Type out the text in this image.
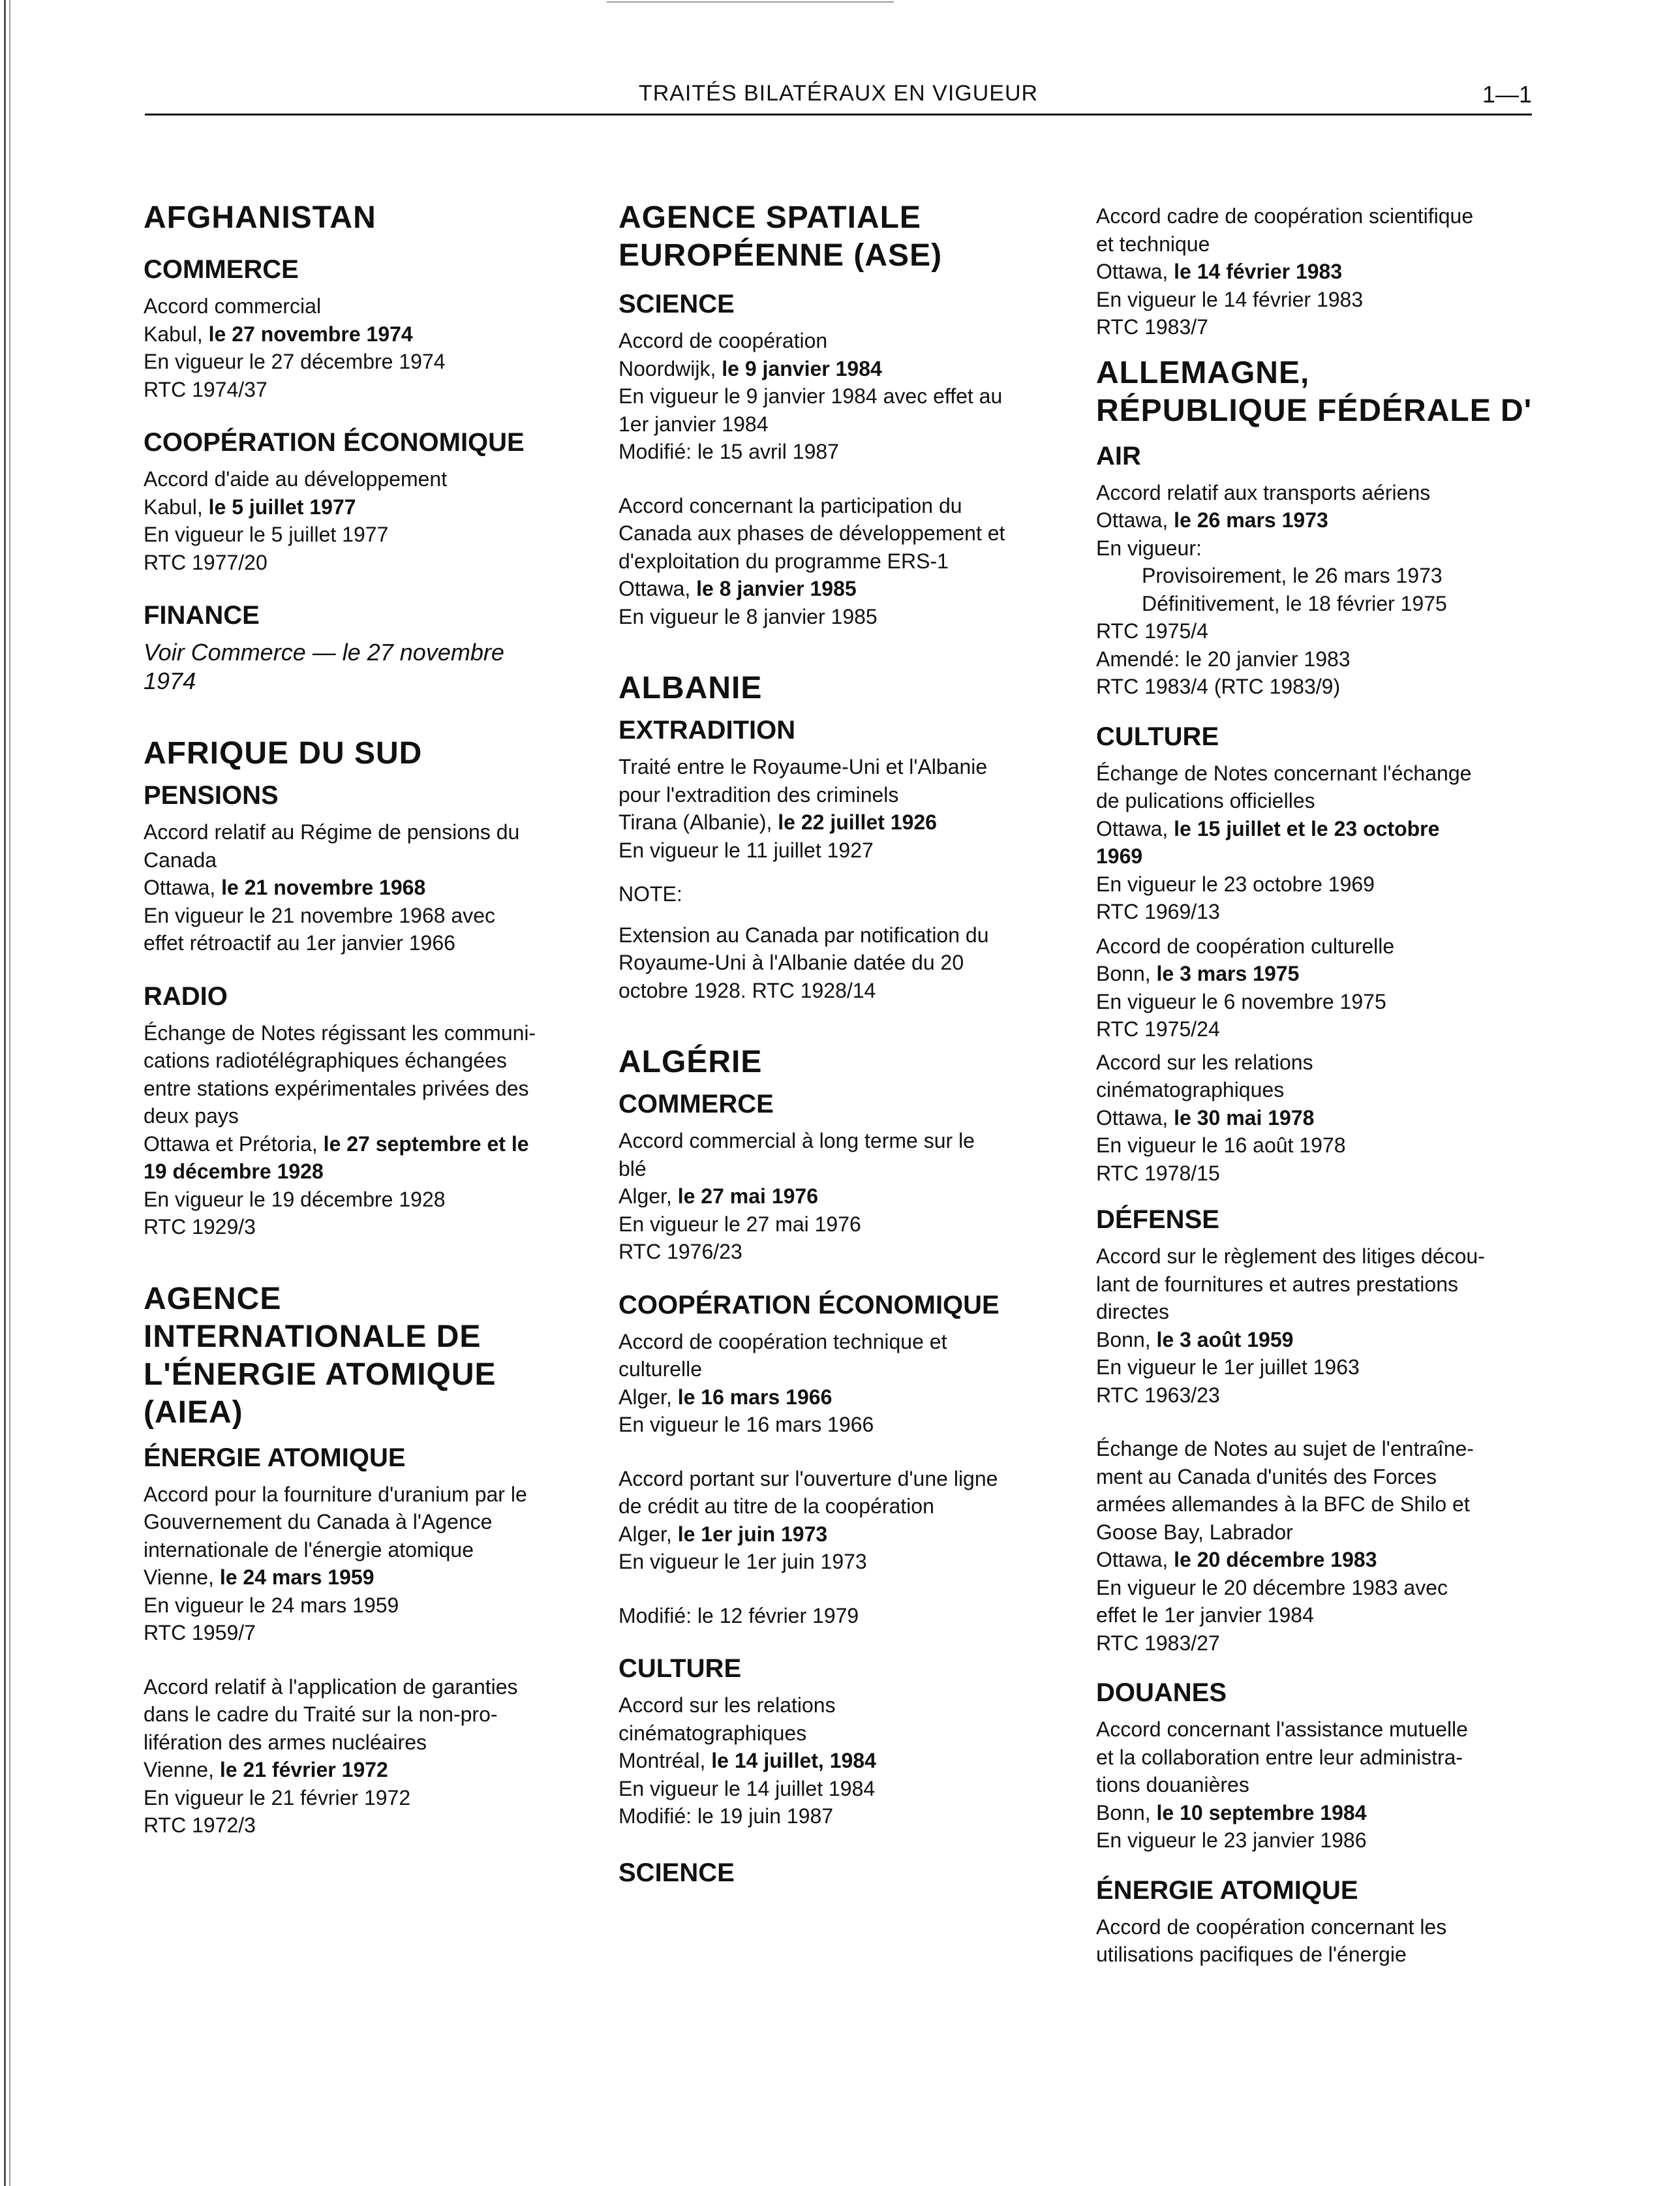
TRAITÉS BILATÉRAUX EN VIGUEUR	1—1
AFGHANISTAN
COMMERCE

Accord commercial

Kabul, le 27 novembre 1974

En vigueur le 27 décembre 1974

RTC 1974/37

COOPÉRATION ÉCONOMIQUE

Accord d'aide au développement

Kabul, le 5 juillet 1977

En vigueur le 5 juillet 1977

RTC 1977/20

FINANCE

Voir Commerce — le 27 novembre

1974

AFRIQUE DU SUD
PENSIONS

Accord relatif au Régime de pensions du

Canada

Ottawa, le 21 novembre 1968

En vigueur le 21 novembre 1968 avec

effet rétroactif au 1er janvier 1966

RADIO

Échange de Notes régissant les communi-

cations radiotélégraphiques échangées

entre stations expérimentales privées des

deux pays

Ottawa et Prétoria, le 27 septembre et le

19 décembre 1928

En vigueur le 19 décembre 1928

RTC 1929/3

AGENCE
INTERNATIONALE DE
L'ÉNERGIE ATOMIQUE
(AIEA)
ÉNERGIE ATOMIQUE

Accord pour la fourniture d'uranium par le

Gouvernement du Canada à l'Agence

internationale de l'énergie atomique

Vienne, le 24 mars 1959

En vigueur le 24 mars 1959

RTC 1959/7

Accord relatif à l'application de garanties

dans le cadre du Traité sur la non-pro-

lifération des armes nucléaires

Vienne, le 21 février 1972

En vigueur le 21 février 1972

RTC 1972/3

AGENCE SPATIALE
EUROPÉENNE (ASE)
SCIENCE

Accord de coopération

Noordwijk, le 9 janvier 1984

En vigueur le 9 janvier 1984 avec effet au

1er janvier 1984

Modifié: le 15 avril 1987

Accord concernant la participation du

Canada aux phases de développement et

d'exploitation du programme ERS-1

Ottawa, le 8 janvier 1985

En vigueur le 8 janvier 1985

ALBANIE
EXTRADITION

Traité entre le Royaume-Uni et l'Albanie

pour l'extradition des criminels

Tirana (Albanie), le 22 juillet 1926

En vigueur le 11 juillet 1927

NOTE:

Extension au Canada par notification du

Royaume-Uni à l'Albanie datée du 20

octobre 1928. RTC 1928/14

ALGÉRIE
COMMERCE

Accord commercial à long terme sur le

blé

Alger, le 27 mai 1976

En vigueur le 27 mai 1976

RTC 1976/23

COOPÉRATION ÉCONOMIQUE

Accord de coopération technique et

culturelle

Alger, le 16 mars 1966

En vigueur le 16 mars 1966

Accord portant sur l'ouverture d'une ligne

de crédit au titre de la coopération

Alger, le 1er juin 1973

En vigueur le 1er juin 1973

Modifié: le 12 février 1979

CULTURE

Accord sur les relations

cinématographiques

Montréal, le 14 juillet, 1984

En vigueur le 14 juillet 1984

Modifié: le 19 juin 1987

SCIENCE

Accord cadre de coopération scientifique

et technique

Ottawa, le 14 février 1983

En vigueur le 14 février 1983

RTC 1983/7

ALLEMAGNE,
RÉPUBLIQUE FÉDÉRALE D'
AIR

Accord relatif aux transports aériens

Ottawa, le 26 mars 1973

En vigueur:

Provisoirement, le 26 mars 1973

Définitivement, le 18 février 1975

RTC 1975/4

Amendé: le 20 janvier 1983

RTC 1983/4 (RTC 1983/9)

CULTURE

Échange de Notes concernant l'échange

de pulications officielles

Ottawa, le 15 juillet et le 23 octobre

1969

En vigueur le 23 octobre 1969

RTC 1969/13

Accord de coopération culturelle

Bonn, le 3 mars 1975

En vigueur le 6 novembre 1975

RTC 1975/24

Accord sur les relations

cinématographiques

Ottawa, le 30 mai 1978

En vigueur le 16 août 1978

RTC 1978/15

DÉFENSE

Accord sur le règlement des litiges décou-

lant de fournitures et autres prestations

directes

Bonn, le 3 août 1959

En vigueur le 1er juillet 1963

RTC 1963/23

Échange de Notes au sujet de l'entraîne-

ment au Canada d'unités des Forces

armées allemandes à la BFC de Shilo et

Goose Bay, Labrador

Ottawa, le 20 décembre 1983

En vigueur le 20 décembre 1983 avec

effet le 1er janvier 1984

RTC 1983/27

DOUANES

Accord concernant l'assistance mutuelle

et la collaboration entre leur administra-

tions douanières

Bonn, le 10 septembre 1984

En vigueur le 23 janvier 1986

ÉNERGIE ATOMIQUE

Accord de coopération concernant les

utilisations pacifiques de l'énergie
